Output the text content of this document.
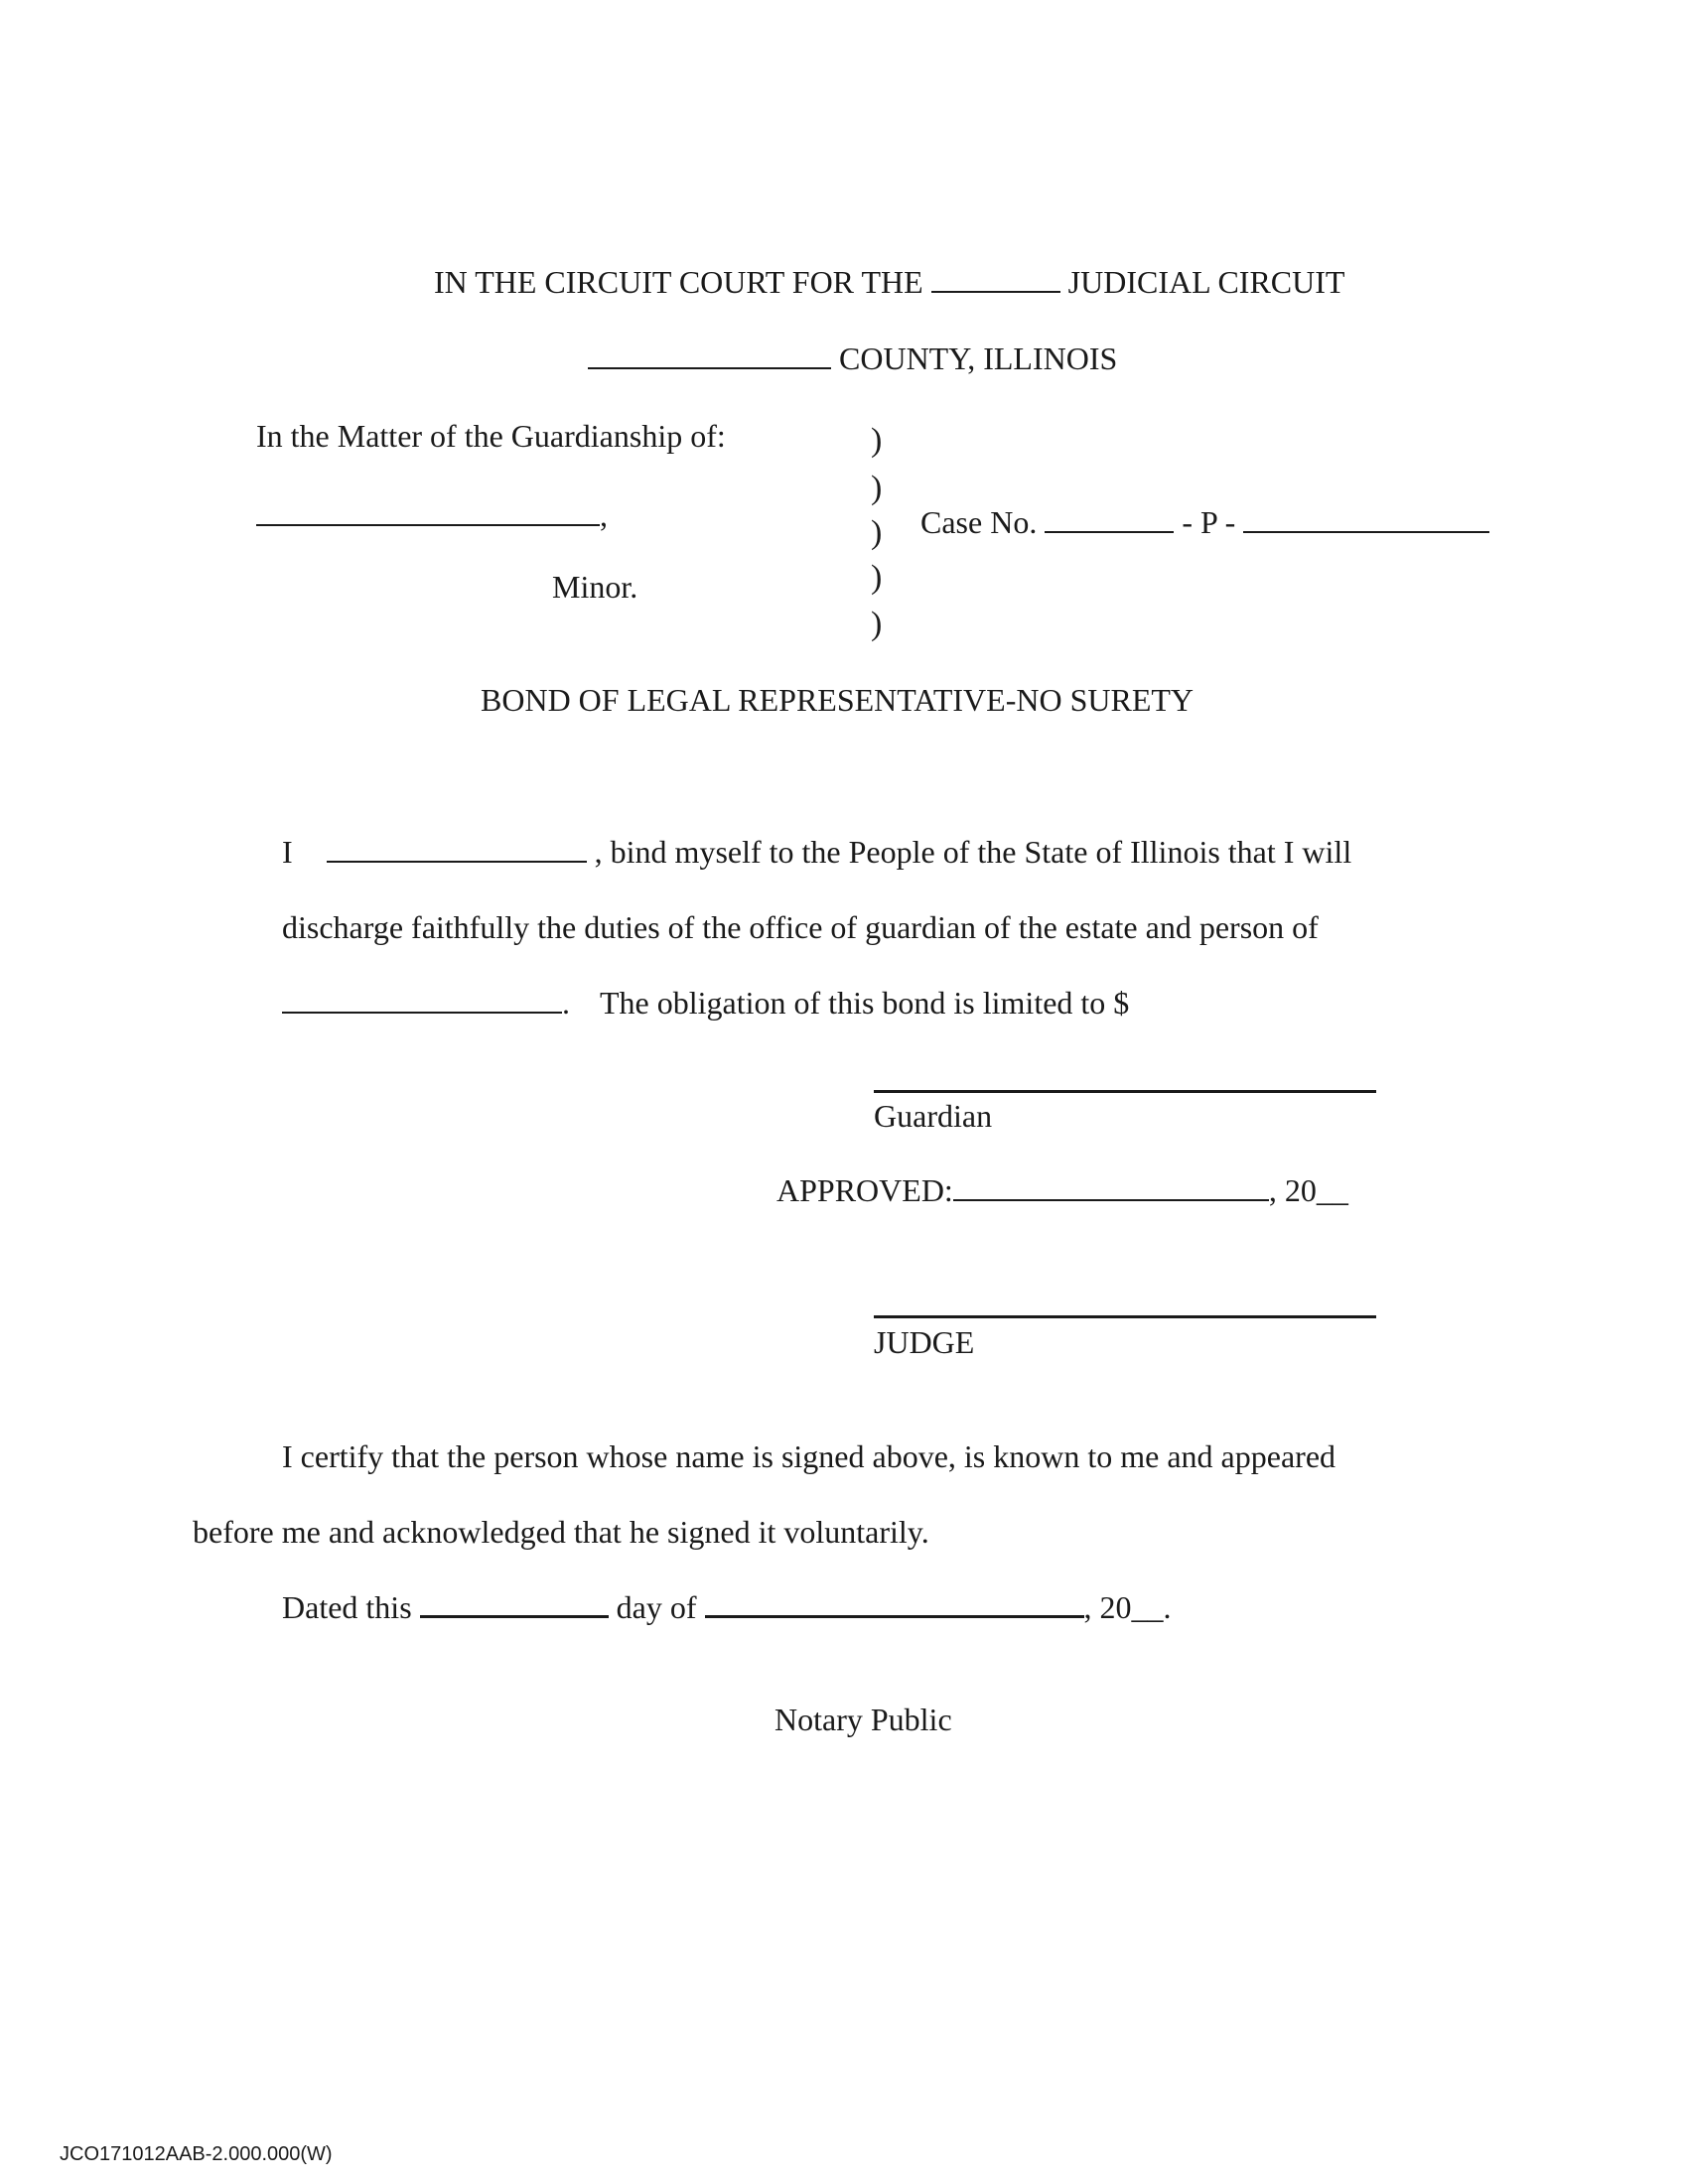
IN THE CIRCUIT COURT FOR THE	JUDICIAL CIRCUIT
COUNTY, ILLINOIS
In the Matter of the Guardianship of:
,
Minor.
)
)
)
)
)
Case No.	- P -
BOND OF LEGAL REPRESENTATIVE-NO SURETY
I	, bind myself to the People of the State of Illinois that I will
discharge faithfully the duties of the office of guardian of the estate and person of
. The obligation of this bond is limited to $
Guardian
APPROVED:	, 20__
JUDGE
I certify that the person whose name is signed above, is known to me and appeared
before me and acknowledged that he signed it voluntarily.
Dated this	day of	, 20__.
Notary Public
JCO171012AAB-2.000.000(W)
